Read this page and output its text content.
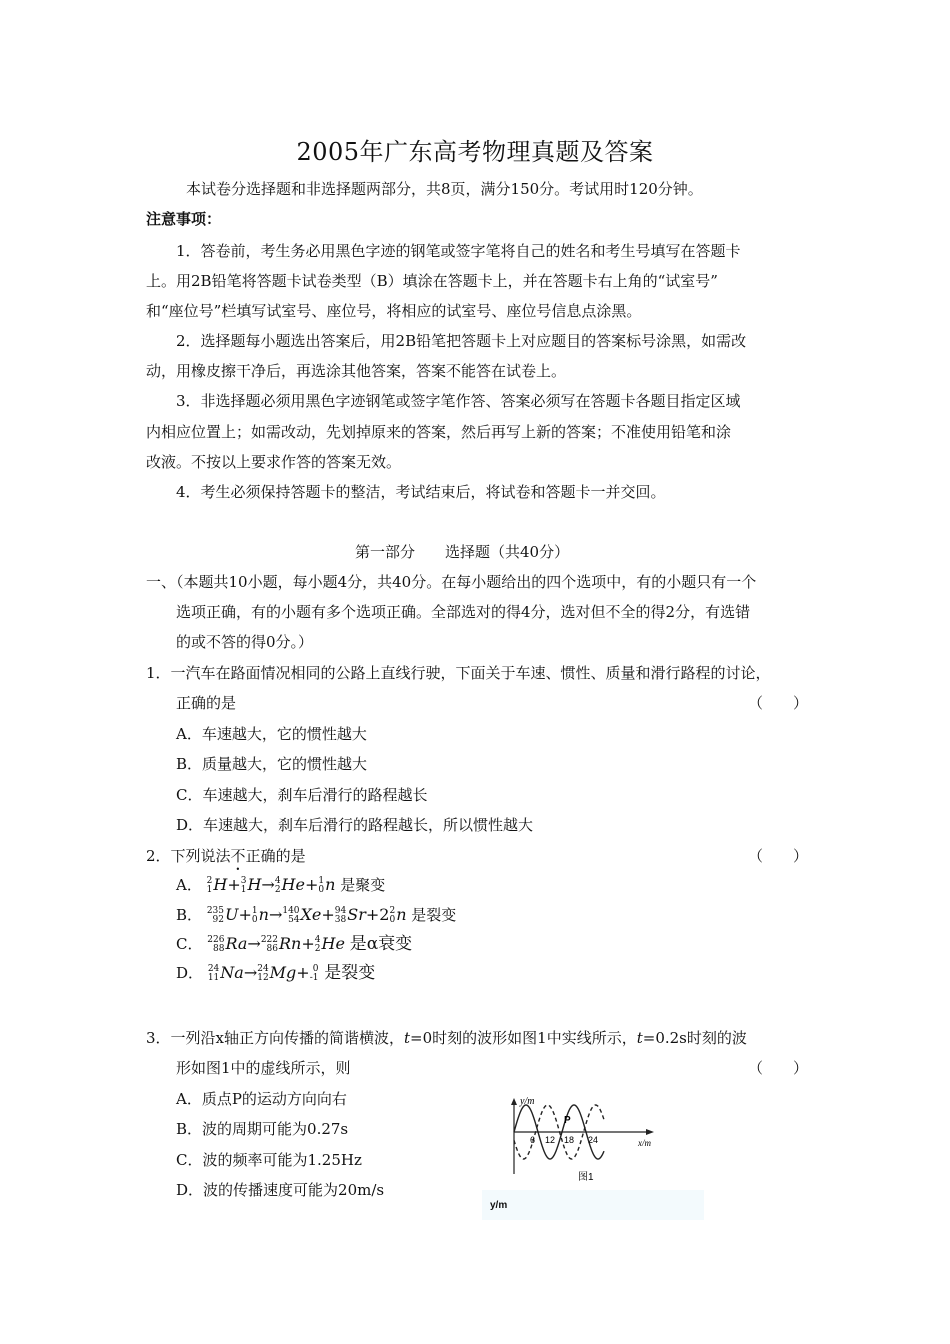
2005年广东高考物理真题及答案
本试卷分选择题和非选择题两部分，共8页，满分150分。考试用时120分钟。
注意事项：
1．答卷前，考生务必用黑色字迹的钢笔或签字笔将自己的姓名和考生号填写在答题卡
上。用2B铅笔将答题卡试卷类型（B）填涂在答题卡上，并在答题卡右上角的“试室号”
和“座位号”栏填写试室号、座位号，将相应的试室号、座位号信息点涂黑。
2．选择题每小题选出答案后，用2B铅笔把答题卡上对应题目的答案标号涂黑，如需改
动，用橡皮擦干净后，再选涂其他答案，答案不能答在试卷上。
3．非选择题必须用黑色字迹钢笔或签字笔作答、答案必须写在答题卡各题目指定区域
内相应位置上；如需改动，先划掉原来的答案，然后再写上新的答案；不准使用铅笔和涂
改液。不按以上要求作答的答案无效。
4．考生必须保持答题卡的整洁，考试结束后，将试卷和答题卡一并交回。
第一部分　　选择题（共40分）
一、（本题共10小题，每小题4分，共40分。在每小题给出的四个选项中，有的小题只有一个
选项正确，有的小题有多个选项正确。全部选对的得4分，选对但不全的得2分，有选错
的或不答的得0分。）
1．一汽车在路面情况相同的公路上直线行驶，下面关于车速、惯性、质量和滑行路程的讨论，
正确的是	（　　）
A．车速越大，它的惯性越大
B．质量越大，它的惯性越大
C．车速越大，刹车后滑行的路程越长
D．车速越大，刹车后滑行的路程越长，所以惯性越大
2．下列说法不正确的是	（　　）
A． 2
1 H+ 3
1 H→ 4
2 He+ 1
0 n 是聚变
B． 235
92 U+ 1
0 n→ 140
54 Xe+ 94
38 Sr+2 2
0 n 是裂变
C． 226
88 Ra→ 222
86 Rn+ 4
2 He 是α衰变
D． 24
11 Na→ 24
12 Mg+ 0
-1 是裂变
3．一列沿x轴正方向传播的简谐横波，t=0时刻的波形如图1中实线所示，t=0.2s时刻的波
形如图1中的虚线所示，则	（　　）
A．质点P的运动方向向右
B．波的周期可能为0.27s
C．波的频率可能为1.25Hz
D．波的传播速度可能为20m/s
y/m
x/m
P
6 12 18 24
图1
y/m
